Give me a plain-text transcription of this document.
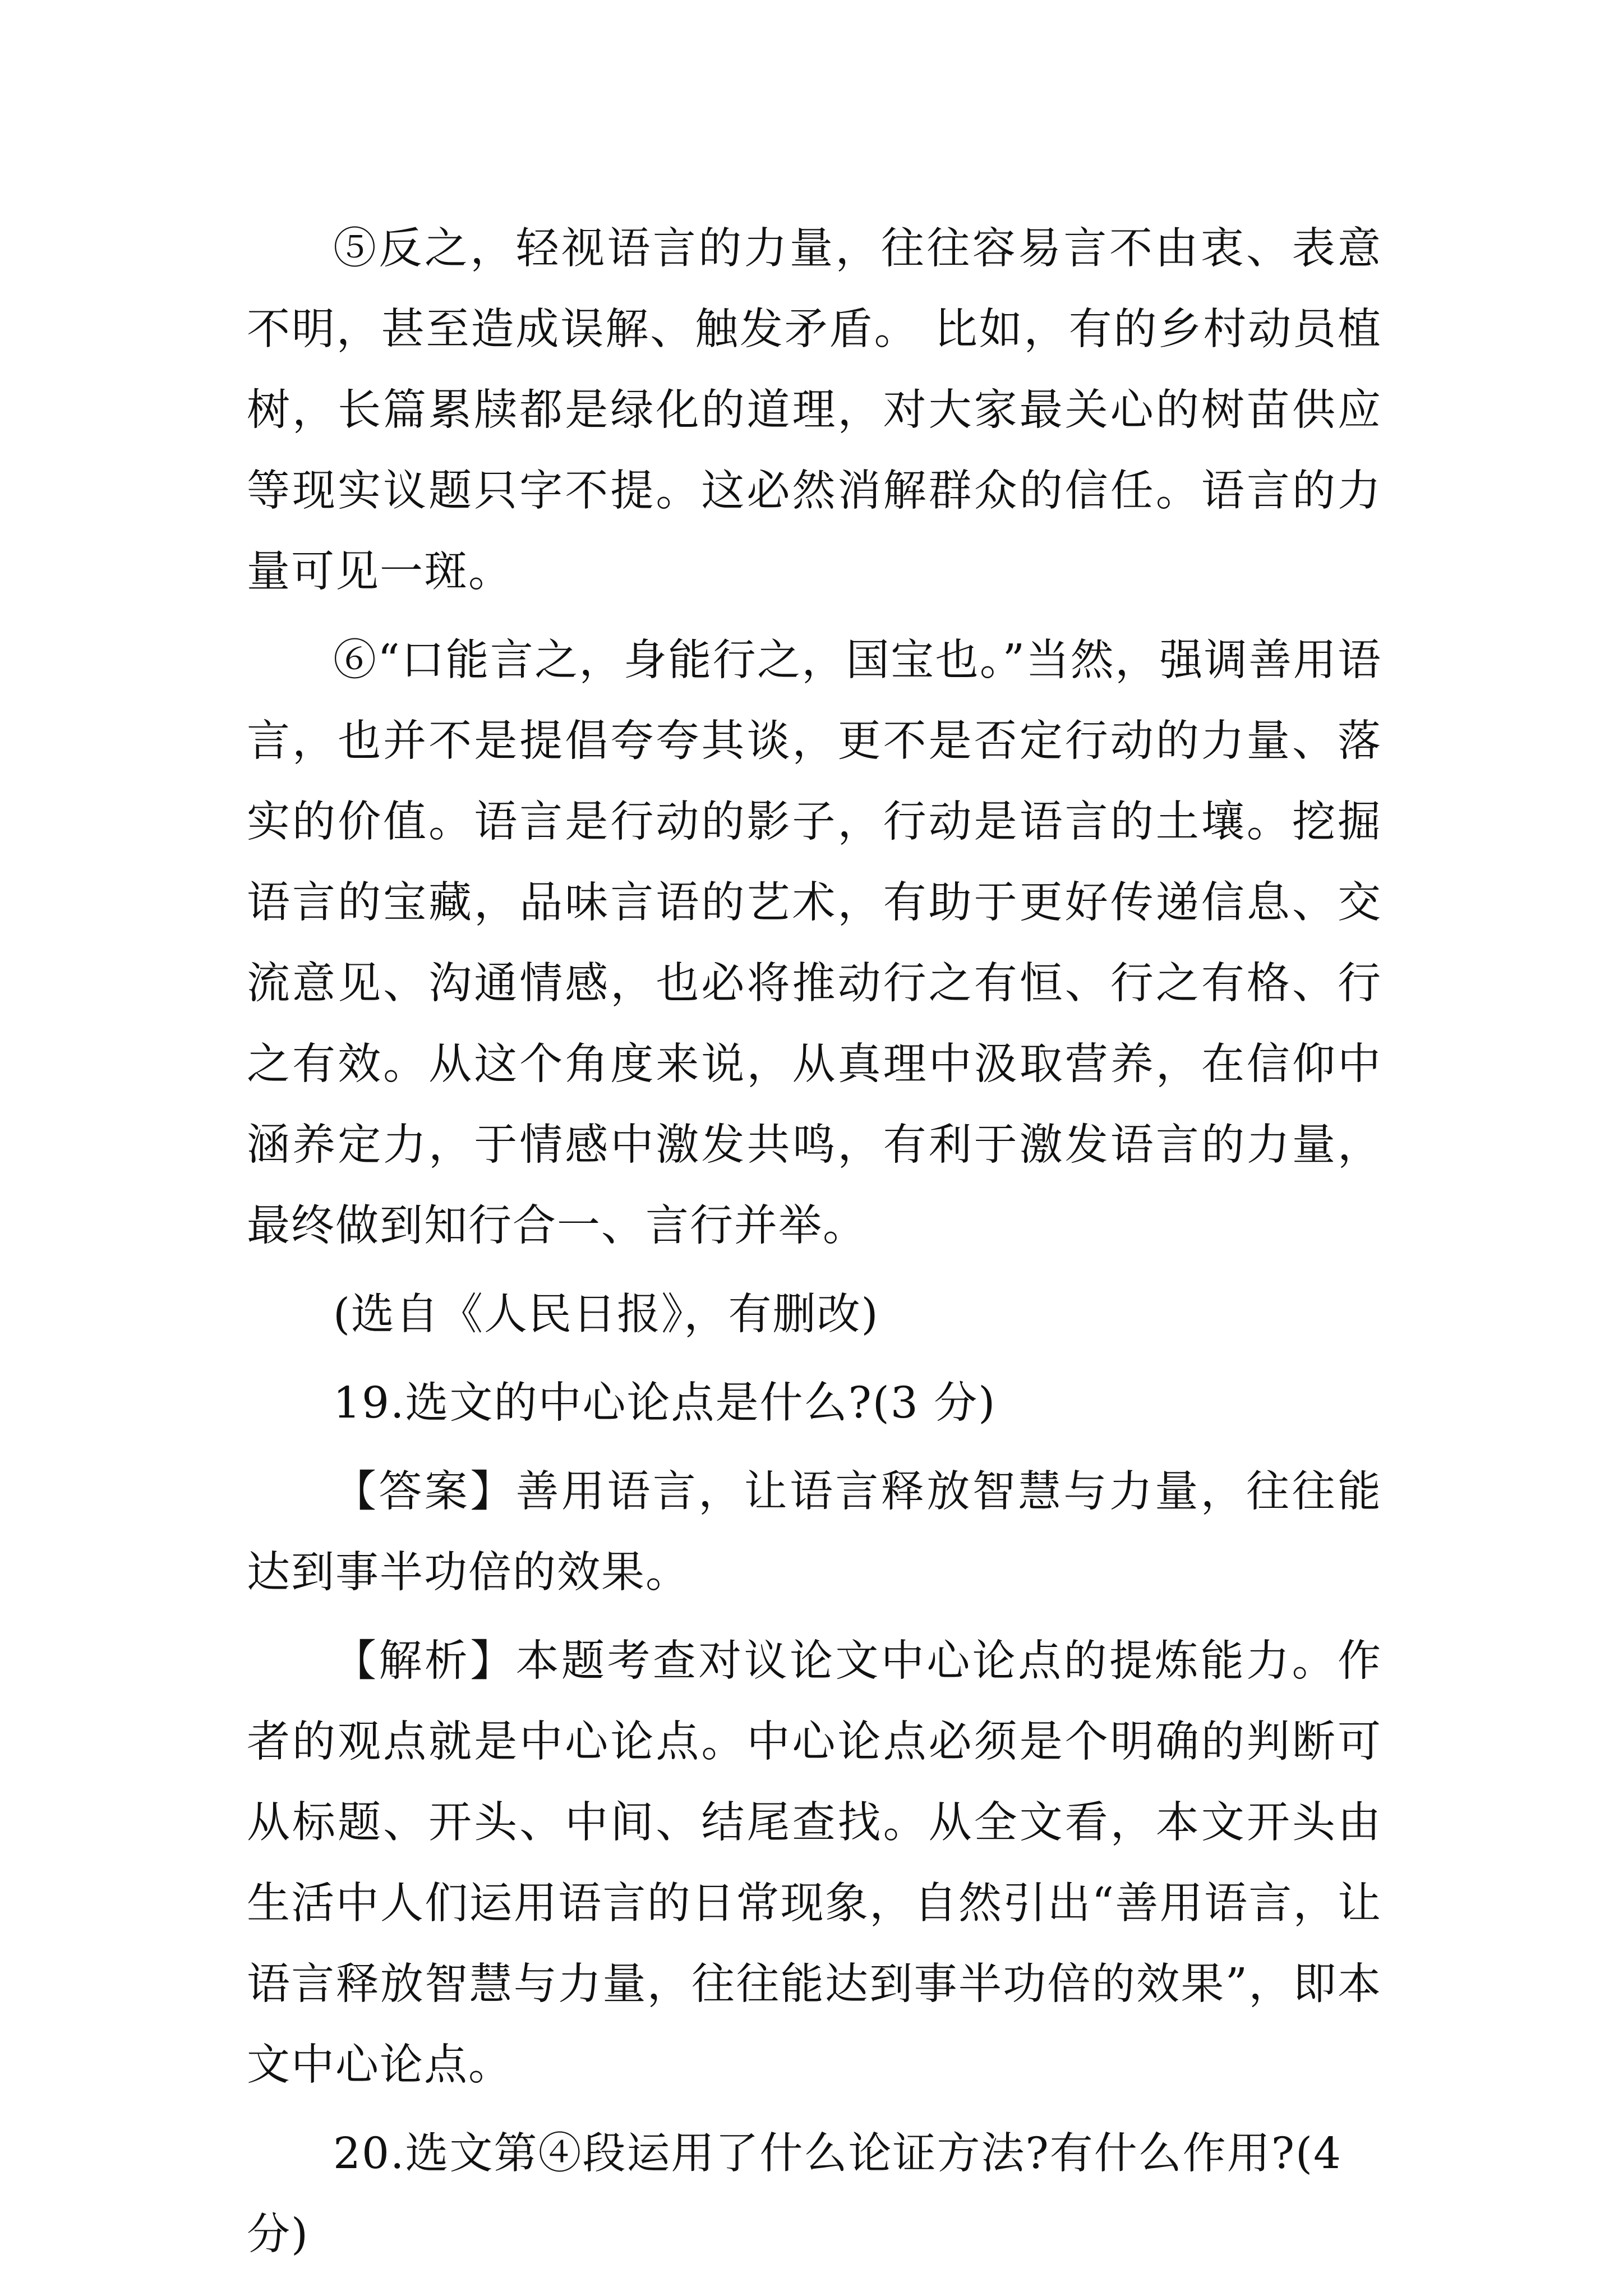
⑤反之，轻视语言的力量，往往容易言不由衷、表意不明，甚至造成误解、触发矛盾。 比如，有的乡村动员植树，长篇累牍都是绿化的道理，对大家最关心的树苗供应等现实议题只字不提。这必然消解群众的信任。语言的力量可见一斑。

⑥“口能言之，身能行之，国宝也。”当然，强调善用语言，也并不是提倡夸夸其谈，更不是否定行动的力量、落实的价值。语言是行动的影子，行动是语言的土壤。挖掘语言的宝藏，品味言语的艺术，有助于更好传递信息、交流意见、沟通情感，也必将推动行之有恒、行之有格、行之有效。从这个角度来说，从真理中汲取营养，在信仰中涵养定力，于情感中激发共鸣，有利于激发语言的力量，最终做到知行合一、言行并举。

(选自《人民日报》，有删改)

19.选文的中心论点是什么?(3 分)

【答案】善用语言，让语言释放智慧与力量，往往能达到事半功倍的效果。

【解析】本题考查对议论文中心论点的提炼能力。作者的观点就是中心论点。中心论点必须是个明确的判断可从标题、开头、中间、结尾查找。从全文看，本文开头由生活中人们运用语言的日常现象，自然引出“善用语言，让语言释放智慧与力量，往往能达到事半功倍的效果”，即本文中心论点。

20.选文第④段运用了什么论证方法?有什么作用?(4 分)
